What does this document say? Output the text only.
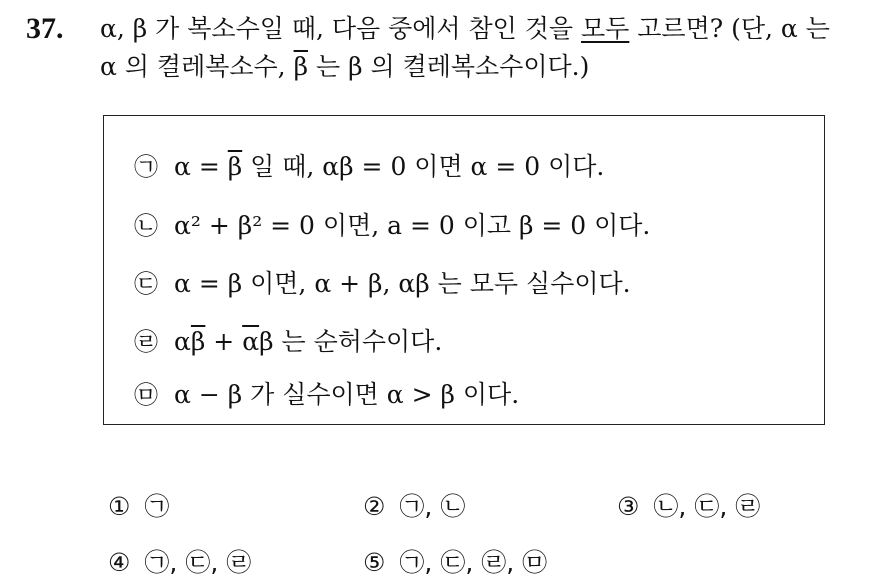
37. α, β 가 복소수일 때, 다음 중에서 참인 것을 모두 고르면? (단, α 는
α 의 켤레복소수, $\overline{\beta}$ 는 β 의 켤레복소수이다.)
㉠ $\alpha = \overline{\beta}$ 일 때, αβ = 0 이면 α = 0 이다.
㉡ α² + β² = 0 이면, a = 0 이고 β = 0 이다.
㉢ α = β 이면, α + β, αβ 는 모두 실수이다.
㉣ $\alpha\overline{\beta} + \overline{\alpha}\beta$ 는 순허수이다.
㉤ α − β 가 실수이면 α > β 이다.
① ㉠	② ㉠, ㉡	③ ㉡, ㉢, ㉣
④ ㉠, ㉢, ㉣	⑤ ㉠, ㉢, ㉣, ㉤
